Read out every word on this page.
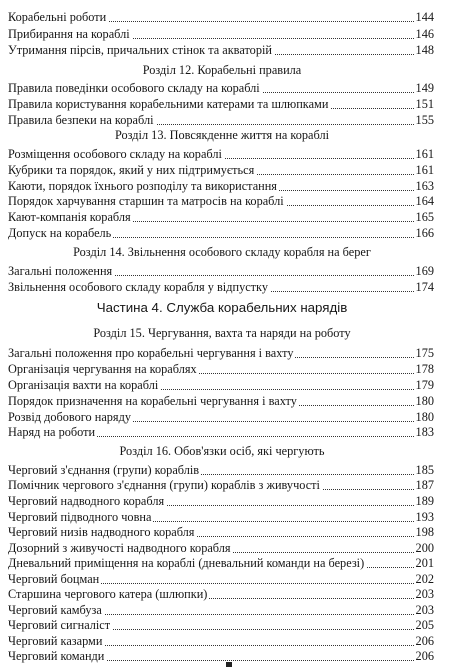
Корабельні роботи	144
Прибирання на кораблі	146
Утримання пірсів, причальних стінок та акваторій	148
Розділ 12. Корабельні правила
Правила поведінки особового складу на кораблі	149
Правила користування корабельними катерами та шлюпками	151
Правила безпеки на кораблі	155
Розділ 13. Повсякденне життя на кораблі
Розміщення особового складу на кораблі	161
Кубрики та порядок, який у них підтримується	161
Каюти, порядок їхнього розподілу та використання	163
Порядок харчування старшин та матросів на кораблі	164
Кают-компанія корабля	165
Допуск на корабель	166
Розділ 14. Звільнення особового складу корабля на берег
Загальні положення	169
Звільнення особового складу корабля у відпустку	174
Частина 4. Служба корабельних нарядів
Розділ 15. Чергування, вахта та наряди на роботу
Загальні положення про корабельні чергування і вахту	175
Організація чергування на кораблях	178
Організація вахти на кораблі	179
Порядок призначення на корабельні чергування і вахту	180
Розвід добового наряду	180
Наряд на роботи	183
Розділ 16. Обов'язки осіб, які чергують
Черговий з'єднання (групи) кораблів	185
Помічник чергового з'єднання (групи) кораблів з живучості	187
Черговий надводного корабля	189
Черговий підводного човна	193
Черговий низів надводного корабля	198
Дозорний з живучості надводного корабля	200
Дневальний приміщення на кораблі (дневальний команди на березі)	201
Черговий боцман	202
Старшина чергового катера (шлюпки)	203
Черговий камбуза	203
Черговий сигналіст	205
Черговий казарми	206
Черговий команди	206
